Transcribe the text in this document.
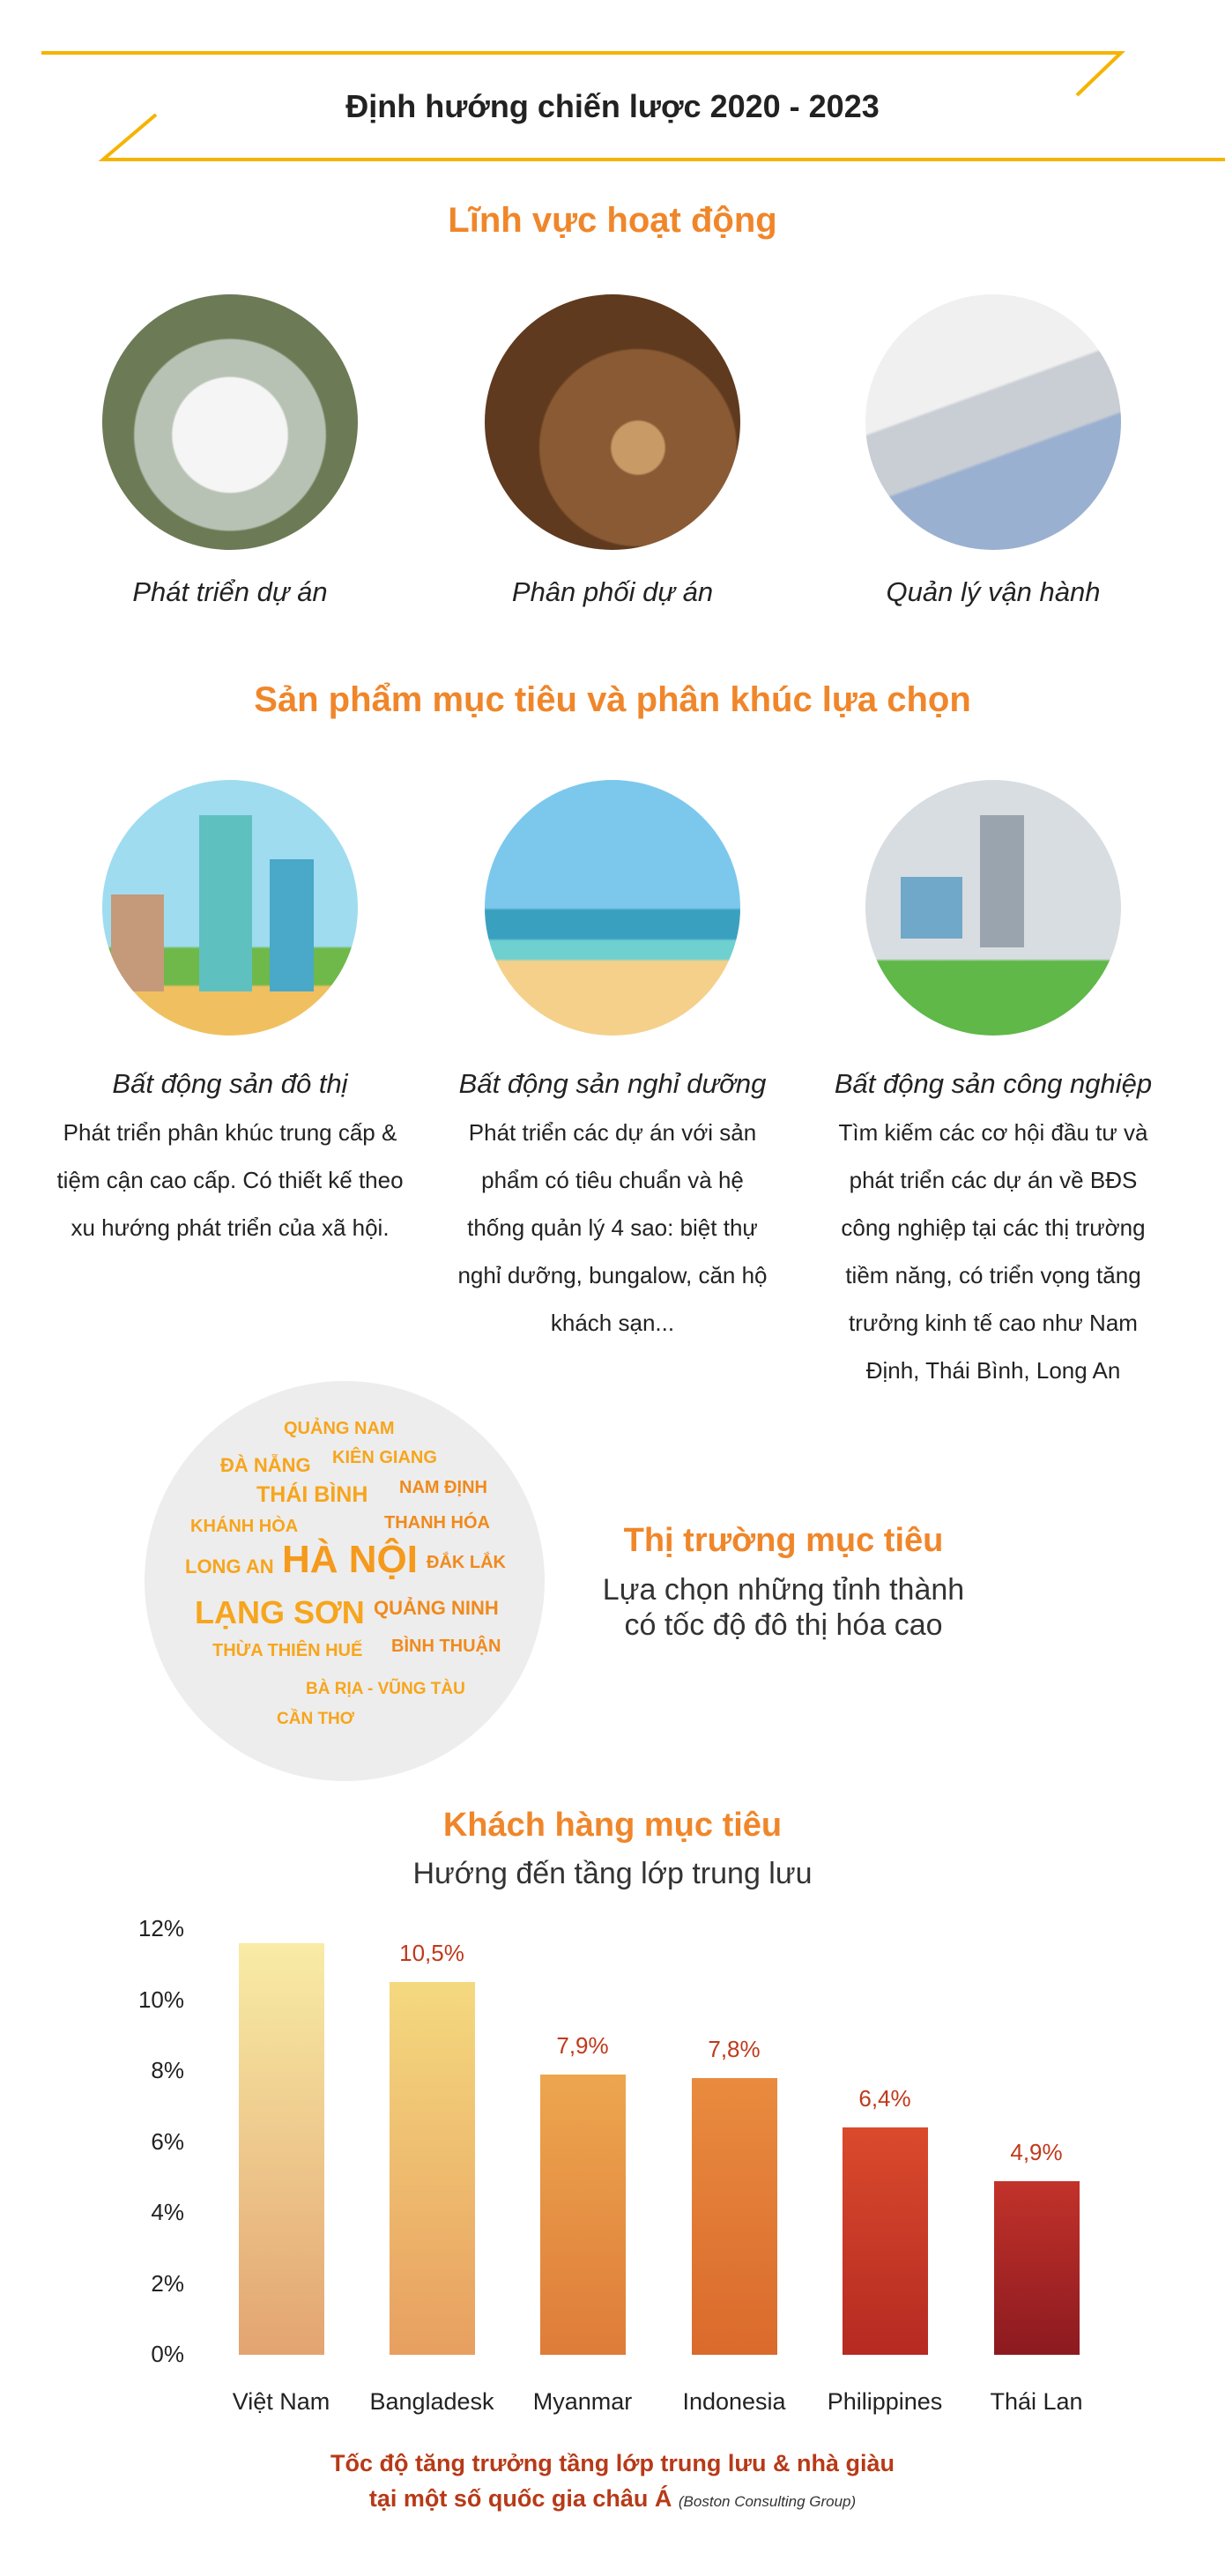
Định hướng chiến lược 2020 - 2023
Lĩnh vực hoạt động
Phát triển dự án	Phân phối dự án	Quản lý vận hành
Sản phẩm mục tiêu và phân khúc lựa chọn
Bất động sản đô thị	Bất động sản nghỉ dưỡng	Bất động sản công nghiệp
Phát triển phân khúc trung cấp & tiệm cận cao cấp. Có thiết kế theo xu hướng phát triển của xã hội.
Phát triển các dự án với sản phẩm có tiêu chuẩn và hệ thống quản lý 4 sao: biệt thự nghỉ dưỡng, bungalow, căn hộ khách sạn...
Tìm kiếm các cơ hội đầu tư và phát triển các dự án về BĐS công nghiệp tại các thị trường tiềm năng, có triển vọng tăng trưởng kinh tế cao như Nam Định, Thái Bình, Long An
QUẢNG NAM
ĐÀ NẴNG KIÊN GIANG
THÁI BÌNH NAM ĐỊNH
KHÁNH HÒA	THANH HÓA
LONG AN HÀ NỘI ĐẮK LẮK
LẠNG SƠN QUẢNG NINH
THỪA THIÊN HUẾ BÌNH THUẬN
BÀ RỊA - VŨNG TÀU
CẦN THƠ
Thị trường mục tiêu
Lựa chọn những tỉnh thành
có tốc độ đô thị hóa cao
Khách hàng mục tiêu
Hướng đến tầng lớp trung lưu
0%
2%
4%
6%
8%
10%
12%
Việt Nam
10,5%
Bangladesk
7,9%
Myanmar
7,8%
Indonesia
6,4%
Philippines
4,9%
Thái Lan
Tốc độ tăng trưởng tầng lớp trung lưu & nhà giàu
tại một số quốc gia châu Á (Boston Consulting Group)
